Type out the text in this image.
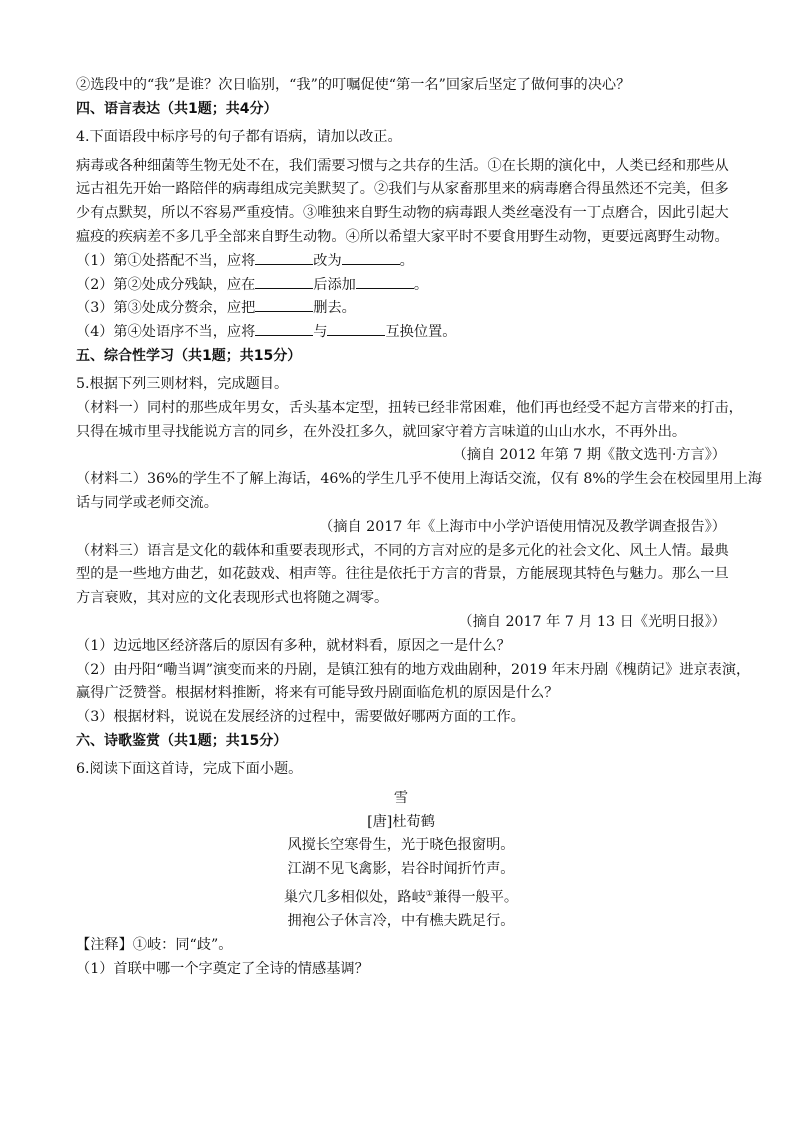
②选段中的“我”是谁？次日临别，“我”的叮嘱促使“第一名”回家后坚定了做何事的决心？
四、语言表达（共1题；共4分）
4.下面语段中标序号的句子都有语病，请加以改正。
病毒或各种细菌等生物无处不在，我们需要习惯与之共存的生活。①在长期的演化中，人类已经和那些从
远古祖先开始一路陪伴的病毒组成完美默契了。②我们与从家畜那里来的病毒磨合得虽然还不完美，但多
少有点默契，所以不容易严重疫情。③唯独来自野生动物的病毒跟人类丝毫没有一丁点磨合，因此引起大
瘟疫的疾病差不多几乎全部来自野生动物。④所以希望大家平时不要食用野生动物，更要远离野生动物。
（1）第①处搭配不当，应将	改为	。
（2）第②处成分残缺，应在	后添加	。
（3）第③处成分赘余，应把	删去。
（4）第④处语序不当，应将	与	互换位置。
五、综合性学习（共1题；共15分）
5.根据下列三则材料，完成题目。
（材料一）同村的那些成年男女，舌头基本定型，扭转已经非常困难，他们再也经受不起方言带来的打击，
只得在城市里寻找能说方言的同乡，在外没扛多久，就回家守着方言味道的山山水水，不再外出。
（摘自 2012 年第 7 期《散文选刊·方言》）
（材料二）36%的学生不了解上海话，46%的学生几乎不使用上海话交流，仅有 8%的学生会在校园里用上海
话与同学或老师交流。
（摘自 2017 年《上海市中小学沪语使用情况及教学调查报告》）
（材料三）语言是文化的载体和重要表现形式，不同的方言对应的是多元化的社会文化、风土人情。最典
型的是一些地方曲艺，如花鼓戏、相声等。往往是依托于方言的背景，方能展现其特色与魅力。那么一旦
方言衰败，其对应的文化表现形式也将随之凋零。
（摘自 2017 年 7 月 13 日《光明日报》）
（1）边远地区经济落后的原因有多种，就材料看，原因之一是什么？
（2）由丹阳“嘞当调”演变而来的丹剧，是镇江独有的地方戏曲剧种，2019 年末丹剧《槐荫记》进京表演，
赢得广泛赞誉。根据材料推断，将来有可能导致丹剧面临危机的原因是什么？
（3）根据材料，说说在发展经济的过程中，需要做好哪两方面的工作。
六、诗歌鉴赏（共1题；共15分）
6.阅读下面这首诗，完成下面小题。
雪
[唐]杜荀鹤
风搅长空寒骨生，光于晓色报窗明。
江湖不见飞禽影，岩谷时闻折竹声。
巢穴几多相似处，路岐①兼得一般平。
拥袍公子休言冷，中有樵夫跣足行。
【注释】①岐：同“歧”。
（1）首联中哪一个字奠定了全诗的情感基调？
